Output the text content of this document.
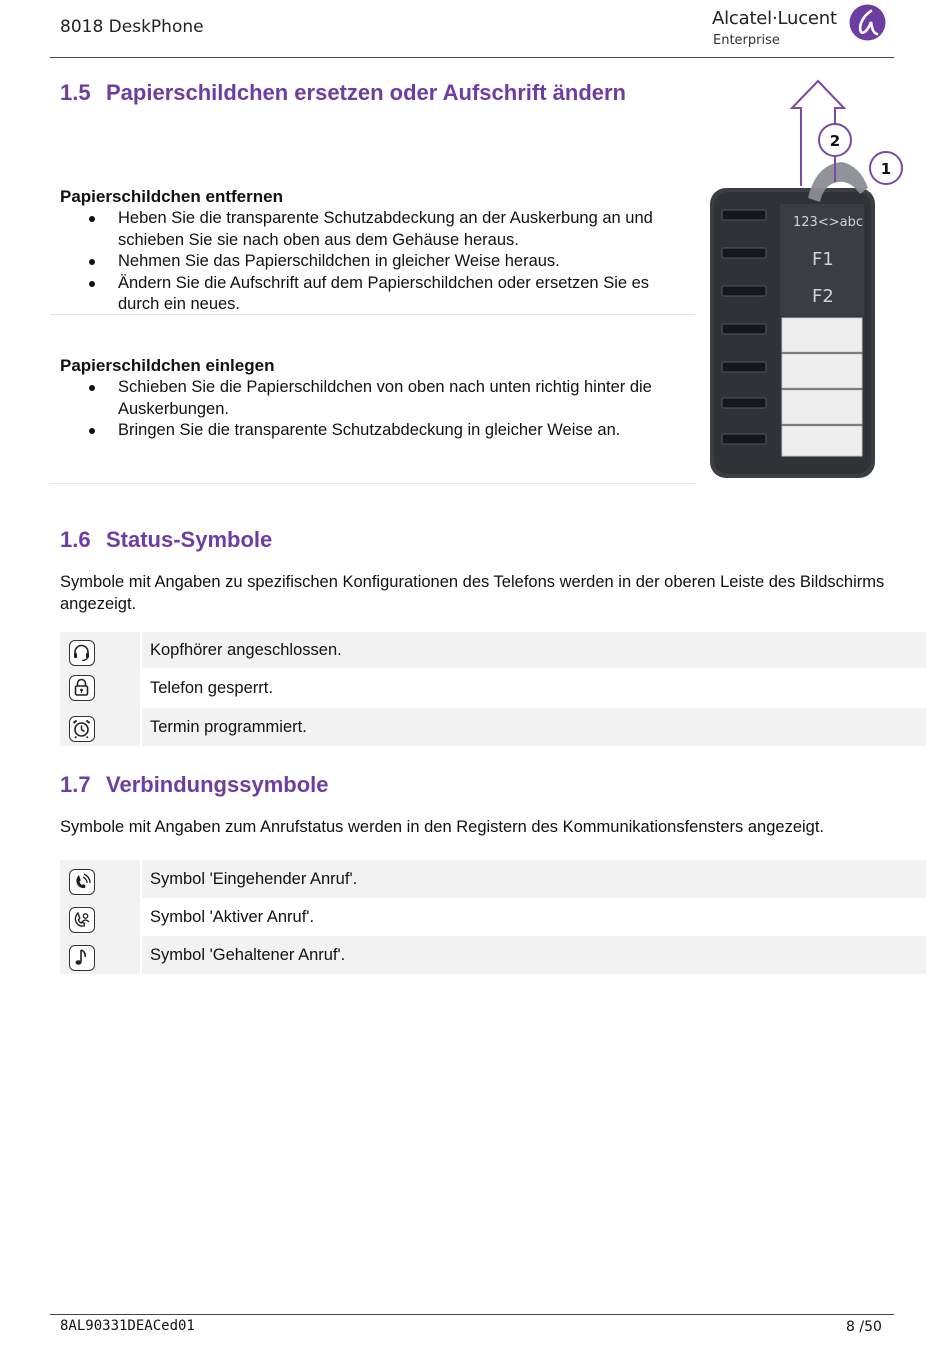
8018 DeskPhone	Alcatel·Lucent
Enterprise
1.5 Papierschildchen ersetzen oder Aufschrift ändern
Papierschildchen entfernen
Heben Sie die transparente Schutzabdeckung an der Auskerbung an und schieben Sie sie nach oben aus dem Gehäuse heraus.
Nehmen Sie das Papierschildchen in gleicher Weise heraus.
Ändern Sie die Aufschrift auf dem Papierschildchen oder ersetzen Sie es durch ein neues.
Papierschildchen einlegen
Schieben Sie die Papierschildchen von oben nach unten richtig hinter die Auskerbungen.
Bringen Sie die transparente Schutzabdeckung in gleicher Weise an.
123<>abc
F1
F2
2
1
1.6 Status-Symbole
Symbole mit Angaben zu spezifischen Konfigurationen des Telefons werden in der oberen Leiste des Bildschirms angezeigt.
Kopfhörer angeschlossen.
Telefon gesperrt.
Termin programmiert.
1.7 Verbindungssymbole
Symbole mit Angaben zum Anrufstatus werden in den Registern des Kommunikationsfensters angezeigt.
Symbol 'Eingehender Anruf'.
Symbol 'Aktiver Anruf'.
Symbol 'Gehaltener Anruf'.
8AL90331DEACed01	8 /50
